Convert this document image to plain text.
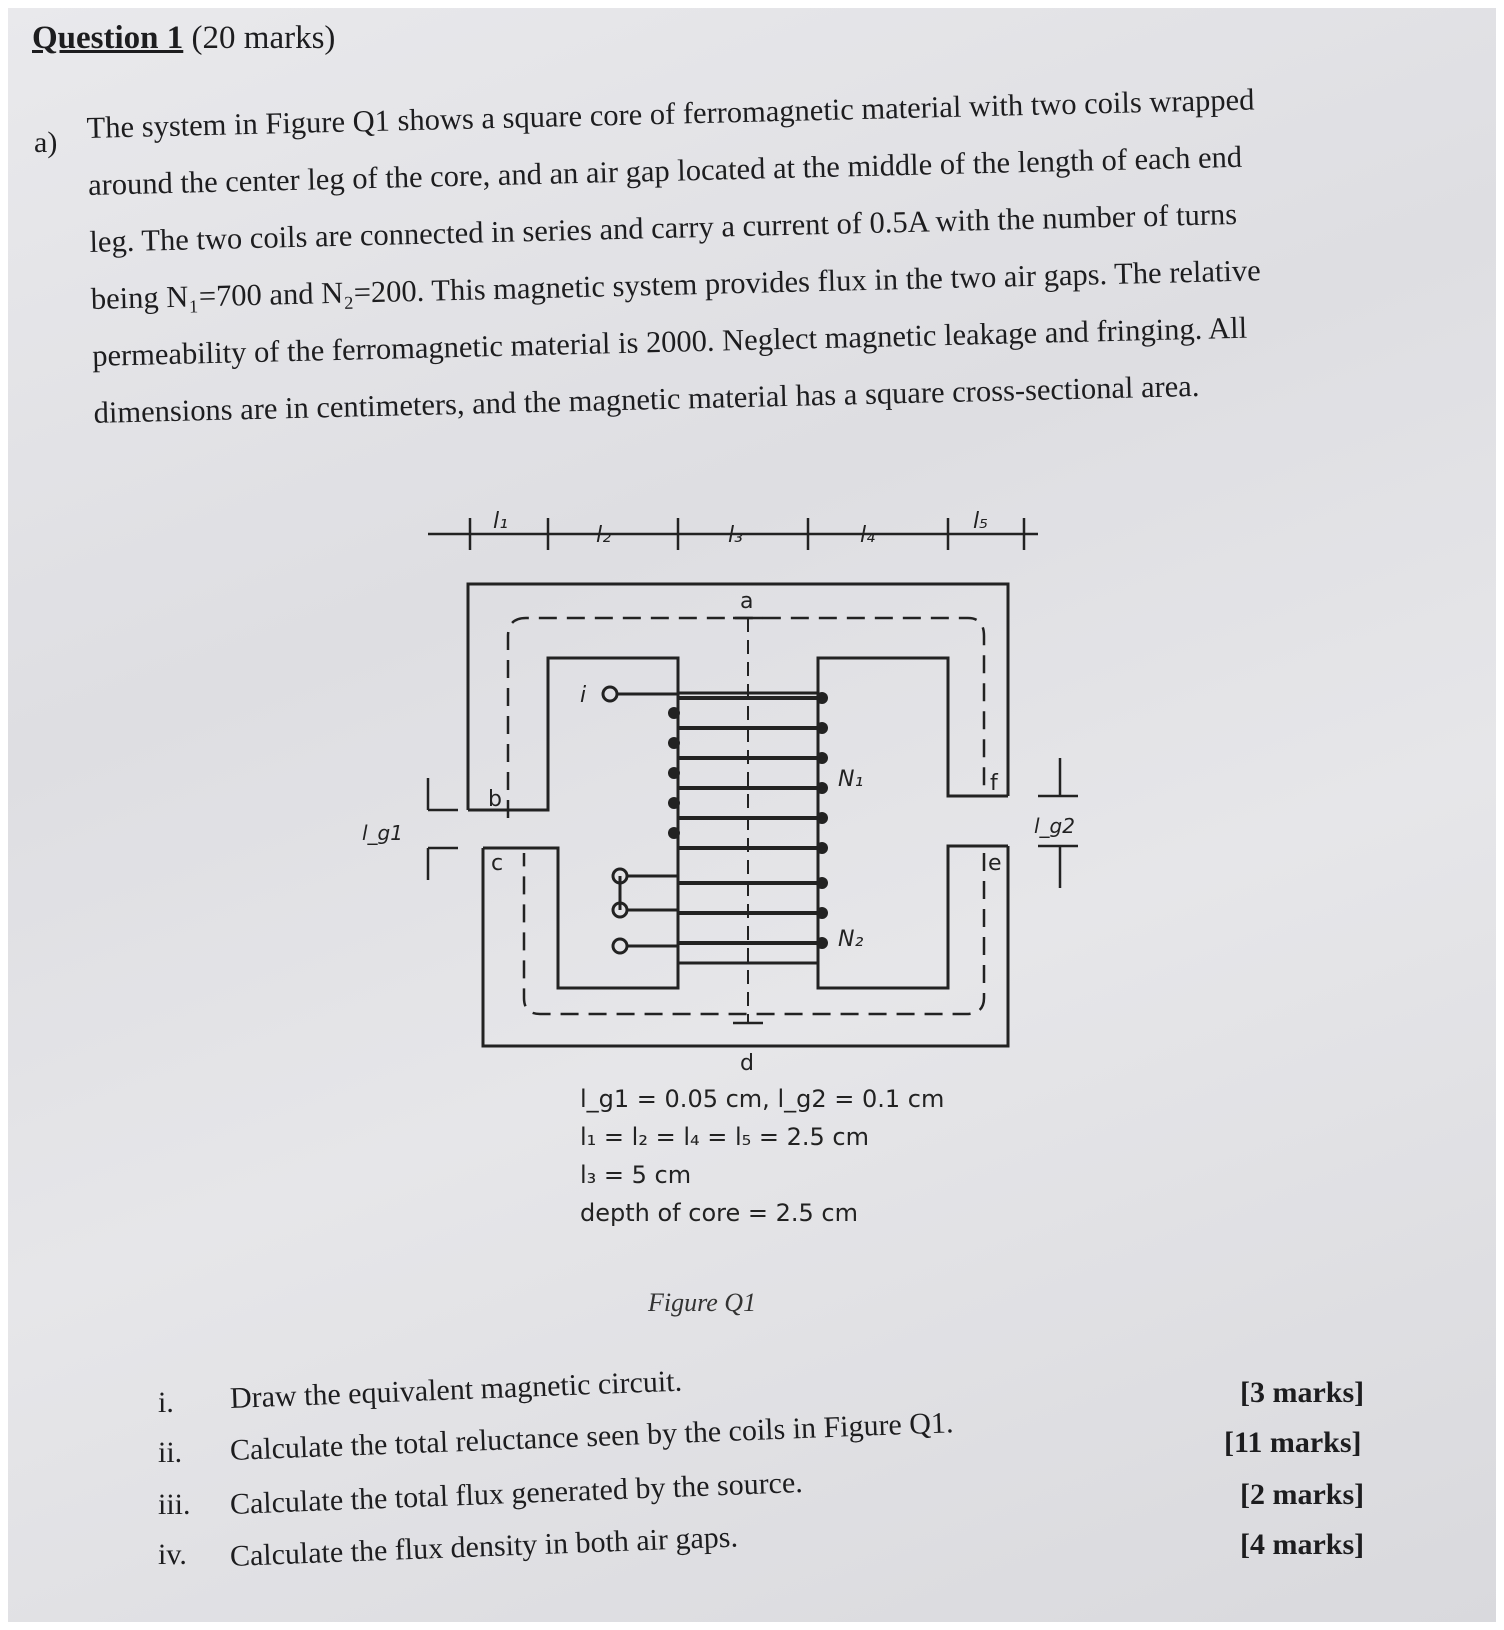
Question 1 (20 marks)
a) The system in Figure Q1 shows a square core of ferromagnetic material with two coils wrapped
around the center leg of the core, and an air gap located at the middle of the length of each end
leg. The two coils are connected in series and carry a current of 0.5A with the number of turns
being N₁=700 and N₂=200. This magnetic system provides flux in the two air gaps. The relative
permeability of the ferromagnetic material is 2000. Neglect magnetic leakage and fringing. All
dimensions are in centimeters, and the magnetic material has a square cross-sectional area.
l₁
l₂	l₃	l₄
l₅
a
b
c
d
e
f
i
N₁
N₂
l_g1	l_g2
l_g1 = 0.05 cm, l_g2 = 0.1 cm
l₁ = l₂ = l₄ = l₅ = 2.5 cm
l₃ = 5 cm
depth of core = 2.5 cm
Figure Q1
i. Draw the equivalent magnetic circuit.	[3 marks]
ii. Calculate the total reluctance seen by the coils in Figure Q1.	[11 marks]
iii. Calculate the total flux generated by the source.	[2 marks]
iv. Calculate the flux density in both air gaps.	[4 marks]
